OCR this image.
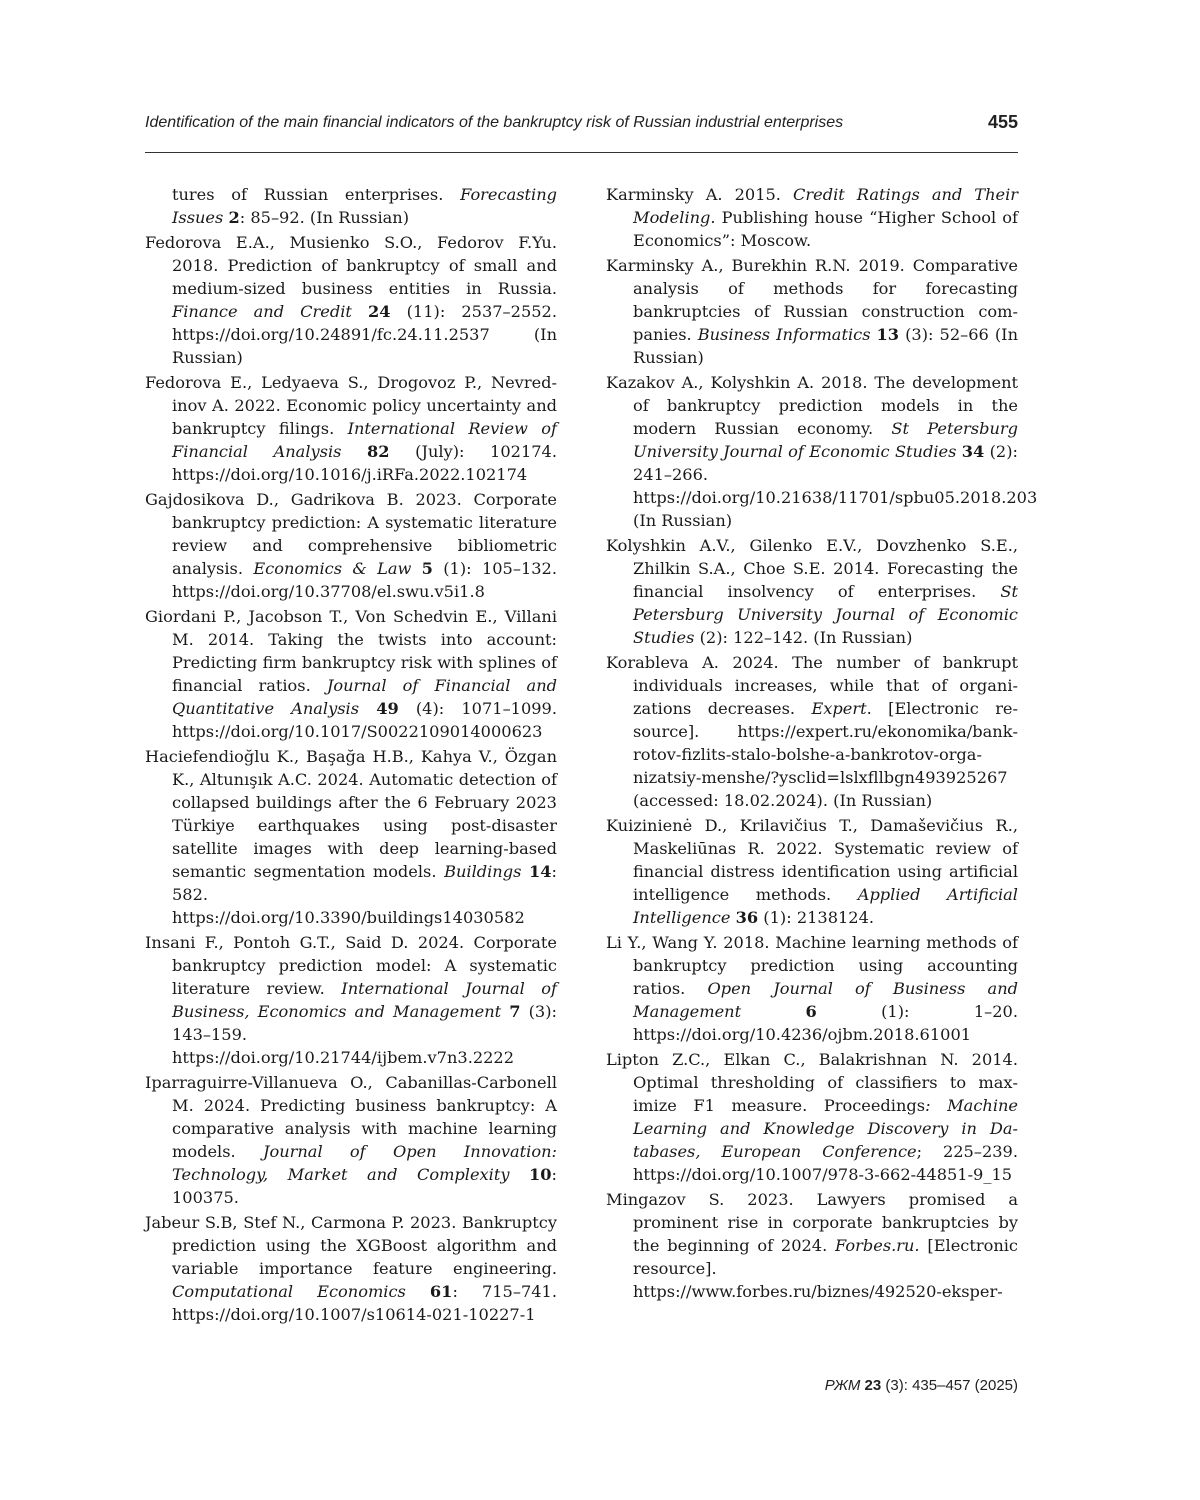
Identification of the main financial indicators of the bankruptcy risk of Russian industrial enterprises	455

tures of Russian enterprises. Forecasting Issues 2: 85–92. (In Russian)

Fedorova E.A., Musienko S.O., Fedorov F.Yu. 2018. Prediction of bankruptcy of small and medium-sized business entities in Russia. Finance and Credit 24 (11): 2537–2552. https://doi.org/10.24891/fc.24.11.2537 (In Russian)

Fedorova E., Ledyaeva S., Drogovoz P., Nevredinov A. 2022. Economic policy uncertainty and bankruptcy filings. International Review of Financial Analysis 82 (July): 102174. https://doi.org/10.1016/j.iRFa.2022.102174

Gajdosikova D., Gadrikova B. 2023. Corporate bankruptcy prediction: A systematic literature review and comprehensive bibliometric analysis. Economics & Law 5 (1): 105–132. https://doi.org/10.37708/el.swu.v5i1.8

Giordani P., Jacobson T., Von Schedvin E., Villani M. 2014. Taking the twists into account: Predicting firm bankruptcy risk with splines of financial ratios. Journal of Financial and Quantitative Analysis 49 (4): 1071–1099. https://doi.org/10.1017/S0022109014000623

Haciefendioğlu K., Başağa H.B., Kahya V., Özgan K., Altunışık A.C. 2024. Automatic detection of collapsed buildings after the 6 February 2023 Türkiye earthquakes using post-disaster satellite images with deep learning-based semantic segmentation models. Buildings 14: 582. https://doi.org/10.3390/buildings14030582

Insani F., Pontoh G.T., Said D. 2024. Corporate bankruptcy prediction model: A systematic literature review. International Journal of Business, Economics and Management 7 (3): 143–159. https://doi.org/10.21744/ijbem.v7n3.2222

Iparraguirre-Villanueva O., Cabanillas-Carbonell M. 2024. Predicting business bankruptcy: A comparative analysis with machine learning models. Journal of Open Innovation: Technology, Market and Complexity 10: 100375.

Jabeur S.B, Stef N., Carmona P. 2023. Bankruptcy prediction using the XGBoost algorithm and variable importance feature engineering. Computational Economics 61: 715–741. https://doi.org/10.1007/s10614-021-10227-1

Karminsky A. 2015. Credit Ratings and Their Modeling. Publishing house “Higher School of Economics”: Moscow.

Karminsky A., Burekhin R.N. 2019. Comparative analysis of methods for forecasting bankruptcies of Russian construction companies. Business Informatics 13 (3): 52–66 (In Russian)

Kazakov A., Kolyshkin A. 2018. The development of bankruptcy prediction models in the modern Russian economy. St Petersburg University Journal of Economic Studies 34 (2): 241–266. https://doi.org/10.21638/11701/spbu05.2018.203 (In Russian)

Kolyshkin A.V., Gilenko E.V., Dovzhenko S.E., Zhilkin S.A., Choe S.E. 2014. Forecasting the financial insolvency of enterprises. St Petersburg University Journal of Economic Studies (2): 122–142. (In Russian)

Korableva A. 2024. The number of bankrupt individuals increases, while that of organizations decreases. Expert. [Electronic resource]. https://expert.ru/ekonomika/bankrotov-fizlits-stalo-bolshe-a-bankrotov-organizatsiy-menshe/?ysclid=lslxfllbgn493925267 (accessed: 18.02.2024). (In Russian)

Kuizinienė D., Krilavičius T., Damaševičius R., Maskeliūnas R. 2022. Systematic review of financial distress identification using artificial intelligence methods. Applied Artificial Intelligence 36 (1): 2138124.

Li Y., Wang Y. 2018. Machine learning methods of bankruptcy prediction using accounting ratios. Open Journal of Business and Management	6 (1): 1–20. https://doi.org/10.4236/ojbm.2018.61001

Lipton Z.C., Elkan C., Balakrishnan N. 2014. Optimal thresholding of classifiers to maximize F1 measure. Proceedings: Machine Learning and Knowledge Discovery in Databases, European Conference; 225–239. https://doi.org/10.1007/978-3-662-44851-9_15

Mingazov S. 2023. Lawyers promised a prominent rise in corporate bankruptcies by the beginning of 2024. Forbes.ru. [Electronic resource]. https://www.forbes.ru/biznes/492520-eksper-

РЖМ 23 (3): 435–457 (2025)
